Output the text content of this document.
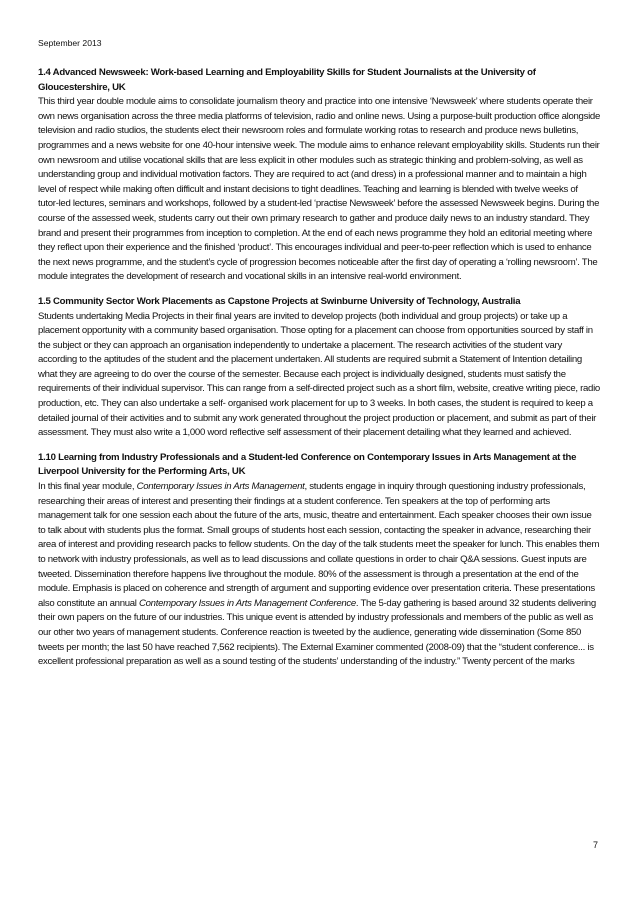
September 2013
1.4 Advanced Newsweek: Work-based Learning and Employability Skills for Student Journalists at the University of Gloucestershire, UK
This third year double module aims to consolidate journalism theory and practice into one intensive ‘Newsweek’ where students operate their own news organisation across the three media platforms of television, radio and online news. Using a purpose-built production office alongside television and radio studios, the students elect their newsroom roles and formulate working rotas to research and produce news bulletins, programmes and a news website for one 40-hour intensive week. The module aims to enhance relevant employability skills. Students run their own newsroom and utilise vocational skills that are less explicit in other modules such as strategic thinking and problem-solving, as well as understanding group and individual motivation factors. They are required to act (and dress) in a professional manner and to maintain a high level of respect while making often difficult and instant decisions to tight deadlines. Teaching and learning is blended with twelve weeks of tutor-led lectures, seminars and workshops, followed by a student-led ‘practise Newsweek’ before the assessed Newsweek begins. During the course of the assessed week, students carry out their own primary research to gather and produce daily news to an industry standard. They brand and present their programmes from inception to completion. At the end of each news programme they hold an editorial meeting where they reflect upon their experience and the finished ‘product’. This encourages individual and peer-to-peer reflection which is used to enhance the next news programme, and the student’s cycle of progression becomes noticeable after the first day of operating a ‘rolling newsroom’. The module integrates the development of research and vocational skills in an intensive real-world environment.
1.5 Community Sector Work Placements as Capstone Projects at Swinburne University of Technology, Australia
Students undertaking Media Projects in their final years are invited to develop projects (both individual and group projects) or take up a placement opportunity with a community based organisation. Those opting for a placement can choose from opportunities sourced by staff in the subject or they can approach an organisation independently to undertake a placement. The research activities of the student vary according to the aptitudes of the student and the placement undertaken. All students are required submit a Statement of Intention detailing what they are agreeing to do over the course of the semester. Because each project is individually designed, students must satisfy the requirements of their individual supervisor. This can range from a self-directed project such as a short film, website, creative writing piece, radio production, etc. They can also undertake a self- organised work placement for up to 3 weeks. In both cases, the student is required to keep a detailed journal of their activities and to submit any work generated throughout the project production or placement, and submit as part of their assessment. They must also write a 1,000 word reflective self assessment of their placement detailing what they learned and achieved.
1.10 Learning from Industry Professionals and a Student-led Conference on Contemporary Issues in Arts Management at the Liverpool University for the Performing Arts, UK
In this final year module, Contemporary Issues in Arts Management, students engage in inquiry through questioning industry professionals, researching their areas of interest and presenting their findings at a student conference. Ten speakers at the top of performing arts management talk for one session each about the future of the arts, music, theatre and entertainment. Each speaker chooses their own issue to talk about with students plus the format. Small groups of students host each session, contacting the speaker in advance, researching their area of interest and providing research packs to fellow students. On the day of the talk students meet the speaker for lunch. This enables them to network with industry professionals, as well as to lead discussions and collate questions in order to chair Q&A sessions. Guest inputs are tweeted. Dissemination therefore happens live throughout the module. 80% of the assessment is through a presentation at the end of the module. Emphasis is placed on coherence and strength of argument and supporting evidence over presentation criteria. These presentations also constitute an annual Contemporary Issues in Arts Management Conference. The 5-day gathering is based around 32 students delivering their own papers on the future of our industries. This unique event is attended by industry professionals and members of the public as well as our other two years of management students. Conference reaction is tweeted by the audience, generating wide dissemination (Some 850 tweets per month; the last 50 have reached 7,562 recipients). The External Examiner commented (2008-09) that the “student conference... is excellent professional preparation as well as a sound testing of the students’ understanding of the industry.” Twenty percent of the marks
7
